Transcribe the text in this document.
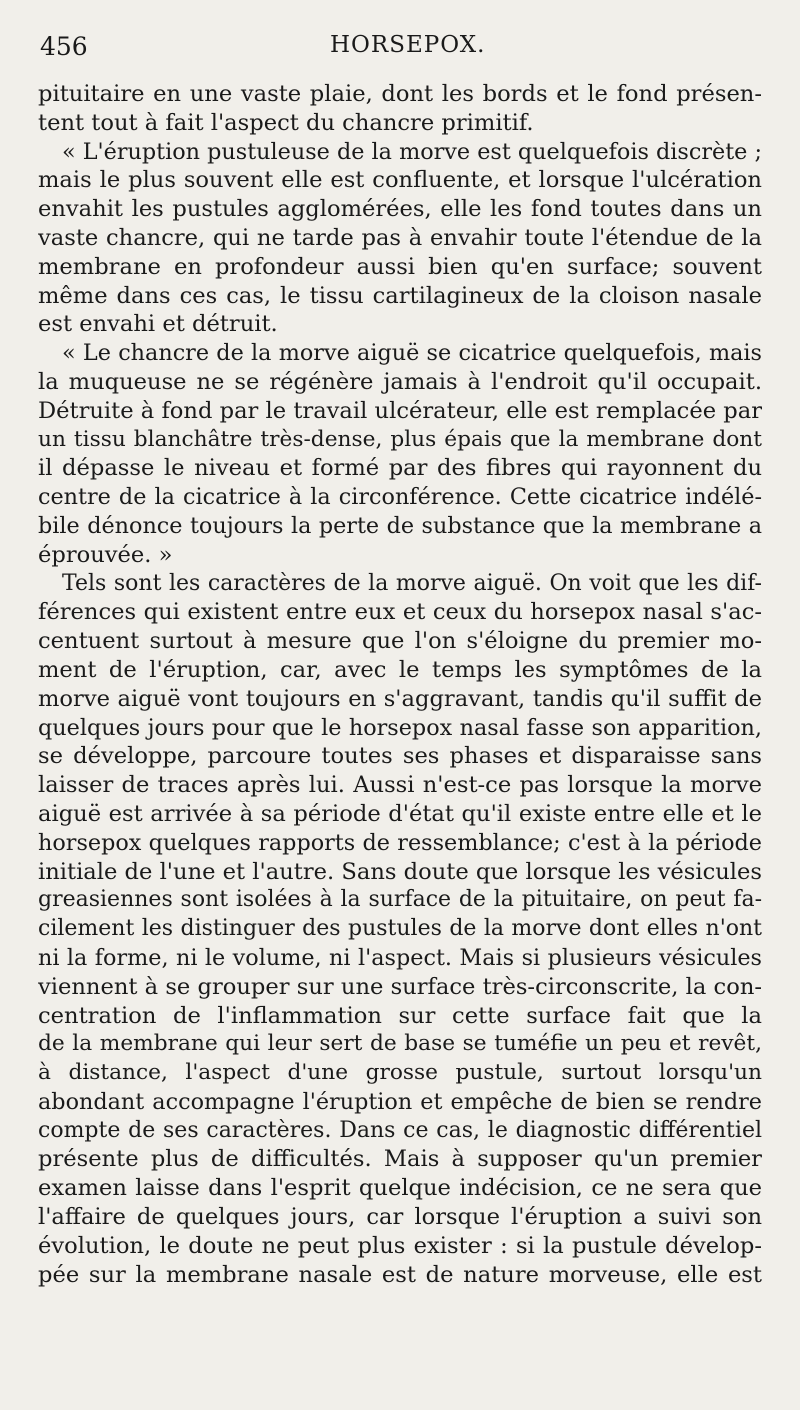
456	HORSEPOX.
pituitaire en une vaste plaie, dont les bords et le fond présen-
tent tout à fait l'aspect du chancre primitif.
« L'éruption pustuleuse de la morve est quelquefois discrète ;
mais le plus souvent elle est confluente, et lorsque l'ulcération
envahit les pustules agglomérées, elle les fond toutes dans un
vaste chancre, qui ne tarde pas à envahir toute l'étendue de la
membrane en profondeur aussi bien qu'en surface; souvent
même dans ces cas, le tissu cartilagineux de la cloison nasale
est envahi et détruit.
« Le chancre de la morve aiguë se cicatrice quelquefois, mais
la muqueuse ne se régénère jamais à l'endroit qu'il occupait.
Détruite à fond par le travail ulcérateur, elle est remplacée par
un tissu blanchâtre très-dense, plus épais que la membrane dont
il dépasse le niveau et formé par des fibres qui rayonnent du
centre de la cicatrice à la circonférence. Cette cicatrice indélé-
bile dénonce toujours la perte de substance que la membrane a
éprouvée. »
Tels sont les caractères de la morve aiguë. On voit que les dif-
férences qui existent entre eux et ceux du horsepox nasal s'ac-
centuent surtout à mesure que l'on s'éloigne du premier mo-
ment de l'éruption, car, avec le temps les symptômes de la
morve aiguë vont toujours en s'aggravant, tandis qu'il suffit de
quelques jours pour que le horsepox nasal fasse son apparition,
se développe, parcoure toutes ses phases et disparaisse sans
laisser de traces après lui. Aussi n'est-ce pas lorsque la morve
aiguë est arrivée à sa période d'état qu'il existe entre elle et le
horsepox quelques rapports de ressemblance; c'est à la période
initiale de l'une et l'autre. Sans doute que lorsque les vésicules
greasiennes sont isolées à la surface de la pituitaire, on peut fa-
cilement les distinguer des pustules de la morve dont elles n'ont
ni la forme, ni le volume, ni l'aspect. Mais si plusieurs vésicules
viennent à se grouper sur une surface très-circonscrite, la con-
centration de l'inflammation sur cette surface fait que la
de la membrane qui leur sert de base se tuméfie un peu et revêt,
à distance, l'aspect d'une grosse pustule, surtout lorsqu'un
abondant accompagne l'éruption et empêche de bien se rendre
compte de ses caractères. Dans ce cas, le diagnostic différentiel
présente plus de difficultés. Mais à supposer qu'un premier
examen laisse dans l'esprit quelque indécision, ce ne sera que
l'affaire de quelques jours, car lorsque l'éruption a suivi son
évolution, le doute ne peut plus exister : si la pustule dévelop-
pée sur la membrane nasale est de nature morveuse, elle est
